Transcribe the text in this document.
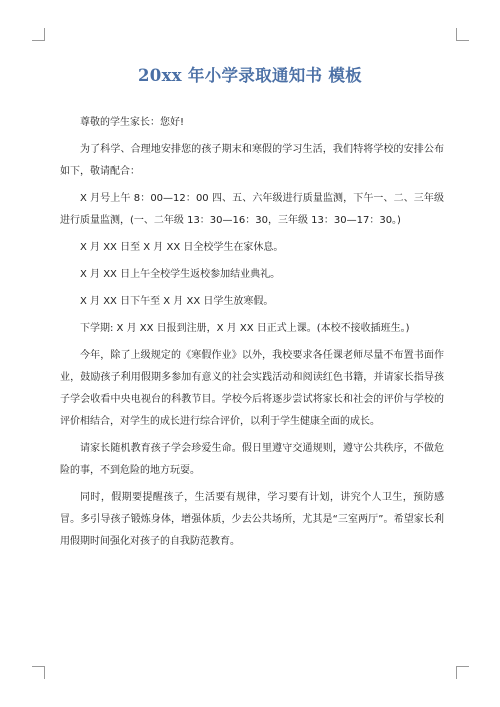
20xx 年小学录取通知书 模板

尊敬的学生家长：您好!

为了科学、合理地安排您的孩子期末和寒假的学习生活，我们特将学校的安排公布如下，敬请配合：

X 月号上午 8：00—12：00 四、五、六年级进行质量监测，下午一、二、三年级进行质量监测，(一、二年级 13：30—16：30，三年级 13：30—17：30。)

X 月 XX 日至 X 月 XX 日全校学生在家休息。

X 月 XX 日上午全校学生返校参加结业典礼。

X 月 XX 日下午至 X 月 XX 日学生放寒假。

下学期: X 月 XX 日报到注册，X 月 XX 日正式上课。(本校不接收插班生。)

今年，除了上级规定的《寒假作业》以外，我校要求各任课老师尽量不布置书面作业，鼓励孩子利用假期多参加有意义的社会实践活动和阅读红色书籍，并请家长指导孩子学会收看中央电视台的科教节目。学校今后将逐步尝试将家长和社会的评价与学校的评价相结合，对学生的成长进行综合评价，以利于学生健康全面的成长。

请家长随机教育孩子学会珍爱生命。假日里遵守交通规则，遵守公共秩序，不做危险的事，不到危险的地方玩耍。

同时，假期要提醒孩子，生活要有规律，学习要有计划，讲究个人卫生，预防感冒。多引导孩子锻炼身体，增强体质，少去公共场所，尤其是“三室两厅”。希望家长利用假期时间强化对孩子的自我防范教育。
